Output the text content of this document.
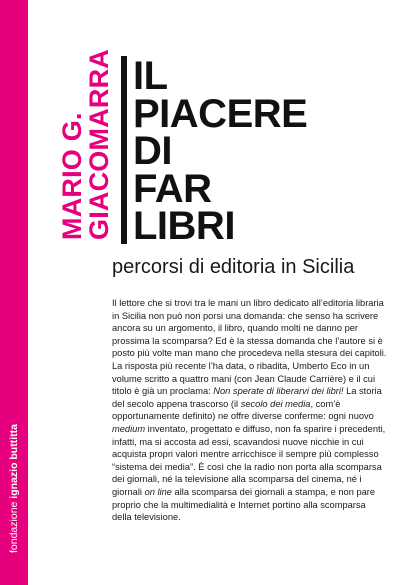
fondazione ignazio buttitta
MARIO G.
GIACOMARRA IL
PIACERE
DI
FAR
LIBRI
percorsi di editoria in Sicilia
Il lettore che si trovi tra le mani un libro dedicato all’editoria libraria
in Sicilia non può non porsi una domanda: che senso ha scrivere
ancora su un argomento, il libro, quando molti ne danno per
prossima la scomparsa? Ed è la stessa domanda che l’autore si è
posto più volte man mano che procedeva nella stesura dei capitoli.
La risposta più recente l’ha data, o ribadita, Umberto Eco in un
volume scritto a quattro mani (con Jean Claude Carrière) e il cui
titolo è già un proclama: Non sperate di liberarvi dei libri! La storia
del secolo appena trascorso (il secolo dei media, com’è
opportunamente definito) ne offre diverse conferme: ogni nuovo
medium inventato, progettato e diffuso, non fa sparire i precedenti,
infatti, ma si accosta ad essi, scavandosi nuove nicchie in cui
acquista propri valori mentre arricchisce il sempre più complesso
“sistema dei media”. È così che la radio non porta alla scomparsa
dei giornali, né la televisione alla scomparsa del cinema, né i
giornali on line alla scomparsa dei giornali a stampa, e non pare
proprio che la multimedialità e Internet portino alla scomparsa
della televisione.
